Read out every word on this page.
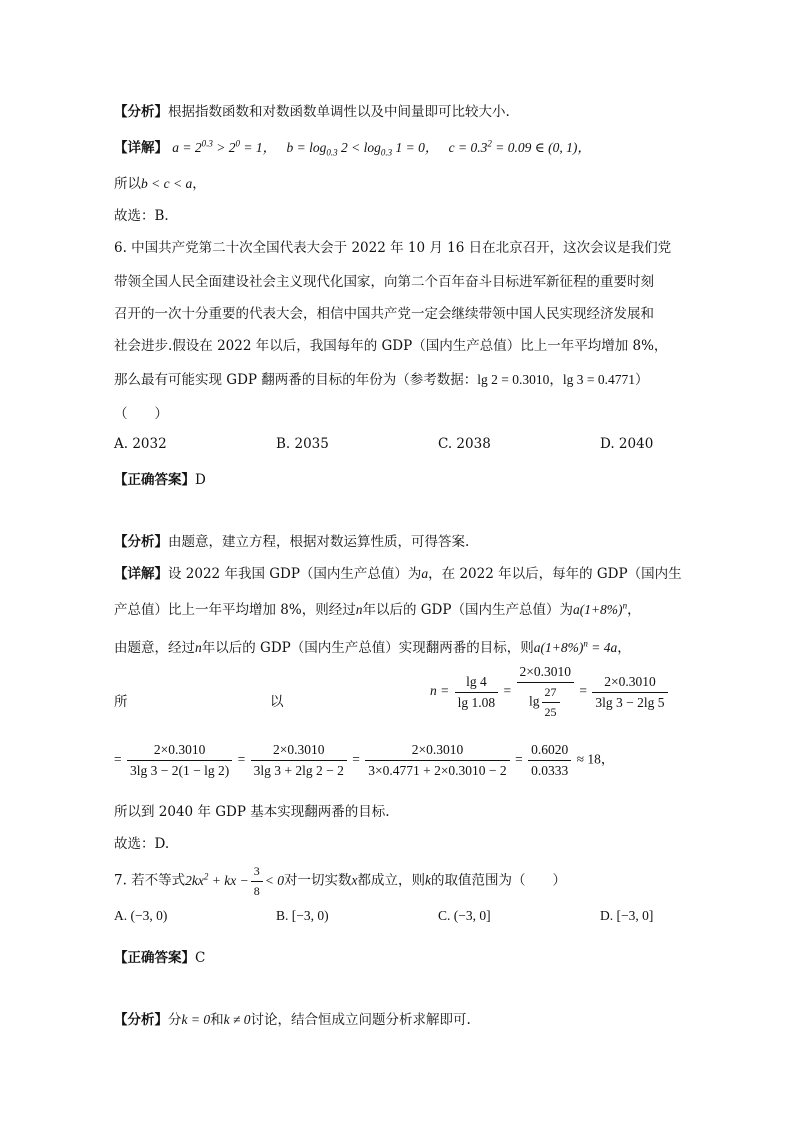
【分析】根据指数函数和对数函数单调性以及中间量即可比较大小.
【详解】 $a = 2^{0.3} > 2^0 = 1$， $b = \log_{0.3} 2 < \log_{0.3} 1 = 0$， $c = 0.3^2 = 0.09$ ∈ (0, 1)，
所以b < c < a，
故选：B.
6. 中国共产党第二十次全国代表大会于 2022 年 10 月 16 日在北京召开，这次会议是我们党
带领全国人民全面建设社会主义现代化国家，向第二个百年奋斗目标进军新征程的重要时刻
召开的一次十分重要的代表大会，相信中国共产党一定会继续带领中国人民实现经济发展和
社会进步.假设在 2022 年以后，我国每年的 GDP（国内生产总值）比上一年平均增加 8%，
那么最有可能实现 GDP 翻两番的目标的年份为（参考数据：lg 2 = 0.3010，lg 3 = 0.4771）
（　　）
A. 2032	B. 2035	C. 2038	D. 2040
【正确答案】D
【分析】由题意，建立方程，根据对数运算性质，可得答案.
【详解】设 2022 年我国 GDP（国内生产总值）为a，在 2022 年以后，每年的 GDP（国内生
产总值）比上一年平均增加 8%，则经过n年以后的 GDP（国内生产总值）为$a(1+8\%)^n$，
由题意，经过n年以后的 GDP（国内生产总值）实现翻两番的目标，则$a(1+8\%)^n = 4a$，
所	以
$n = \frac{\lg 4}{\lg 1.08} = \frac{2\times 0.3010}{\lg \frac{27}{25}} = \frac{2\times 0.3010}{3\lg 3 - 2\lg 5}$
= $\frac{2\times 0.3010}{3\lg 3 - 2(1 - \lg 2)} = \frac{2\times 0.3010}{3\lg 3 + 2\lg 2 - 2} = \frac{2\times 0.3010}{3\times 0.4771 + 2\times 0.3010 - 2} = \frac{0.6020}{0.0333} \approx 18$，
所以到 2040 年 GDP 基本实现翻两番的目标.
故选：D.
7. 若不等式$2kx^2$ + kx − $\frac{3}{8} < 0$对一切实数x都成立，则k的取值范围为（　　）
A. (−3, 0)	B. [−3, 0)	C. (−3, 0]	D. [−3, 0]
【正确答案】C
【分析】分k = 0和k ≠ 0讨论，结合恒成立问题分析求解即可.
